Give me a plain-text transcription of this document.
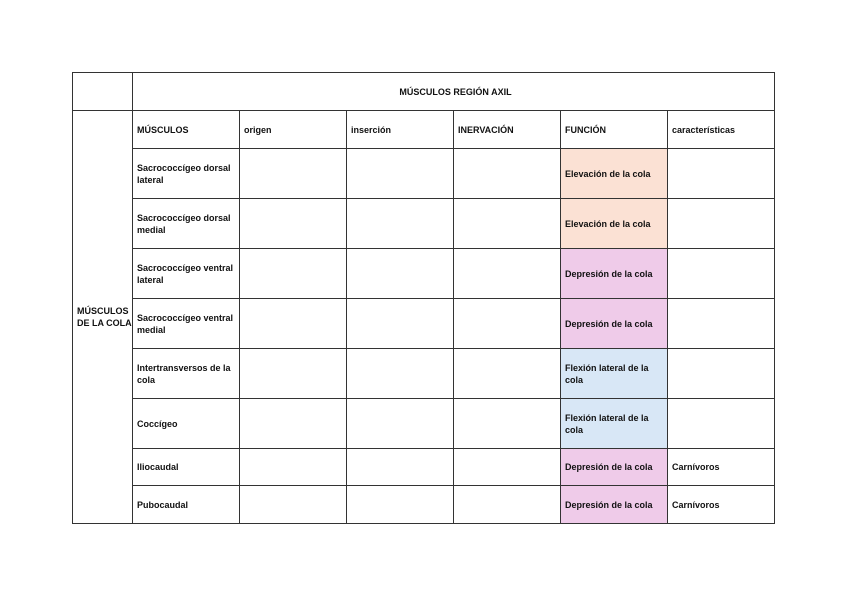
	MÚSCULOS REGIÓN AXIL					
MÚSCULOS DE LA COLA	MÚSCULOS	origen	inserción	INERVACIÓN	FUNCIÓN	características
	Sacrococcígeo dorsal lateral				Elevación de la cola	
	Sacrococcígeo dorsal medial				Elevación de la cola	
	Sacrococcígeo ventral lateral				Depresión de la cola	
	Sacrococcígeo ventral medial				Depresión de la cola	
	Intertransversos de la cola				Flexión lateral de la cola	
	Coccígeo				Flexión lateral de la cola	
	Iliocaudal				Depresión de la cola	Carnívoros
	Pubocaudal				Depresión de la cola	Carnívoros
